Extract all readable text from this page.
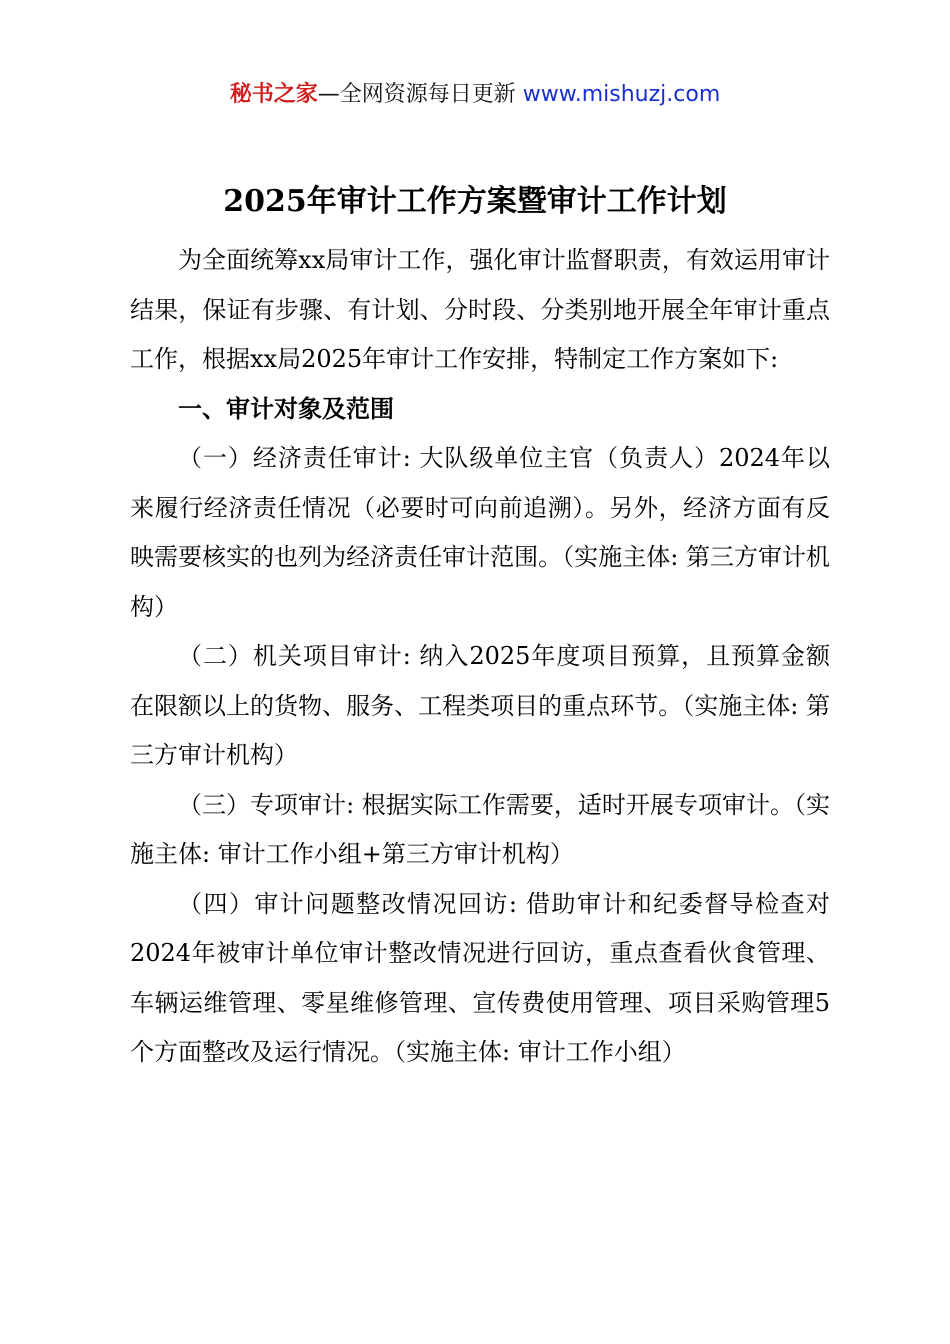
秘书之家—全网资源每日更新 www.mishuzj.com
2025年审计工作方案暨审计工作计划

为全面统筹xx局审计工作，强化审计监督职责，有效运用审计结果，保证有步骤、有计划、分时段、分类别地开展全年审计重点工作，根据xx局2025年审计工作安排，特制定工作方案如下:

一、审计对象及范围

（一）经济责任审计: 大队级单位主官（负责人）2024年以来履行经济责任情况（必要时可向前追溯）。另外，经济方面有反映需要核实的也列为经济责任审计范围。（实施主体: 第三方审计机构）

（二）机关项目审计: 纳入2025年度项目预算，且预算金额在限额以上的货物、服务、工程类项目的重点环节。（实施主体: 第三方审计机构）

（三）专项审计: 根据实际工作需要，适时开展专项审计。（实施主体: 审计工作小组+第三方审计机构）

（四）审计问题整改情况回访: 借助审计和纪委督导检查对2024年被审计单位审计整改情况进行回访，重点查看伙食管理、车辆运维管理、零星维修管理、宣传费使用管理、项目采购管理5个方面整改及运行情况。（实施主体: 审计工作小组）
